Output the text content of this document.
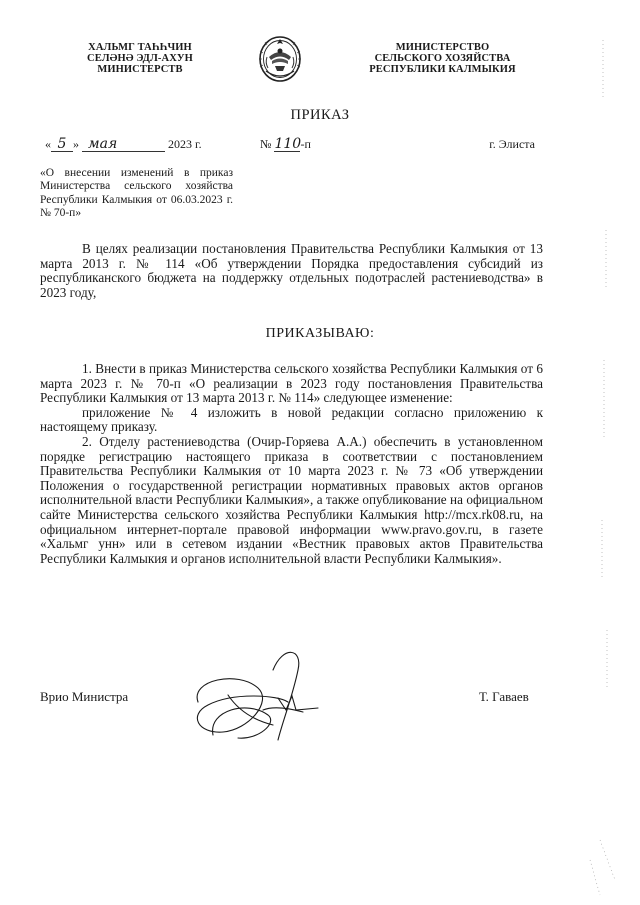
ХАЛЬМГ ТАҺҺЧИН
СЕЛӘНӘ ЭДЛ-АХУН
МИНИСТЕРСТВ
МИНИСТЕРСТВО
СЕЛЬСКОГО ХОЗЯЙСТВА
РЕСПУБЛИКИ КАЛМЫКИЯ
ПРИКАЗ
« 5 » мая	2023 г.	№ 110-п	г. Элиста
«О внесении изменений в приказ Министерства сельского хозяйства Республики Калмыкия от 06.03.2023 г. № 70-п»

В целях реализации постановления Правительства Республики Калмыкия от 13 марта 2013 г. № 114 «Об утверждении Порядка предоставления субсидий из республиканского бюджета на поддержку отдельных подотраслей растениеводства» в 2023 году,

ПРИКАЗЫВАЮ:

1. Внести в приказ Министерства сельского хозяйства Республики Калмыкия от 6 марта 2023 г. № 70-п «О реализации в 2023 году постановления Правительства Республики Калмыкия от 13 марта 2013 г. № 114» следующее изменение:

приложение № 4 изложить в новой редакции согласно приложению к настоящему приказу.

2. Отделу растениеводства (Очир-Горяева А.А.) обеспечить в установленном порядке регистрацию настоящего приказа в соответствии с постановлением Правительства Республики Калмыкия от 10 марта 2023 г. № 73 «Об утверждении Положения о государственной регистрации нормативных правовых актов органов исполнительной власти Республики Калмыкия», а также опубликование на официальном сайте Министерства сельского хозяйства Республики Калмыкия http://mcx.rk08.ru, на официальном интернет-портале правовой информации www.pravo.gov.ru, в газете «Хальмг унн» или в сетевом издании «Вестник правовых актов Правительства Республики Калмыкия и органов исполнительной власти Республики Калмыкия».

Врио Министра	Т. Гаваев
